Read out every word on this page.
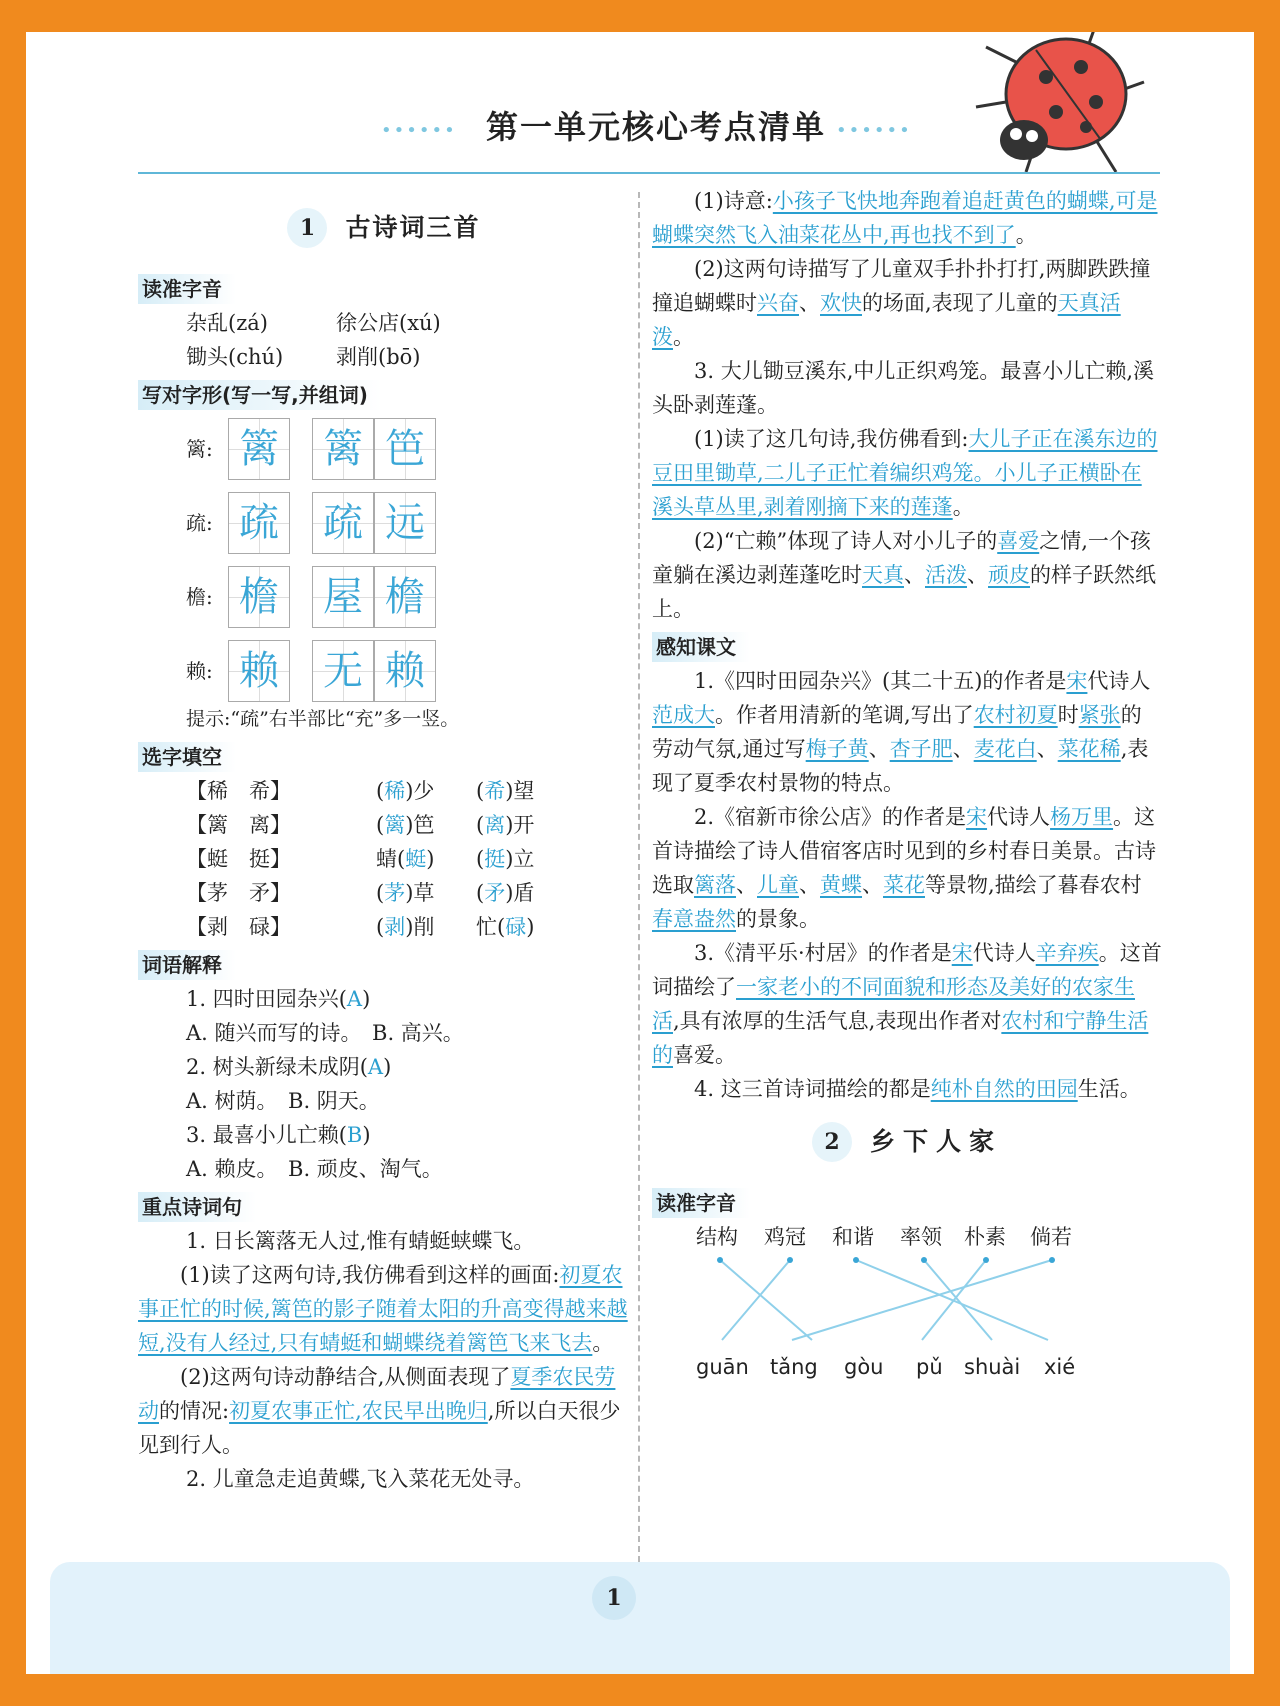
•••••• 第一单元核心考点清单 ••••••
1	古诗词三首
读准字音
杂乱(zá)	徐公店(xú)
锄头(chú)	剥削(bō)
写对字形(写一写,并组词)
篱: 篱 篱 笆
疏: 疏 疏 远
檐: 檐 屋 檐
赖: 赖 无 赖
提示:“疏”右半部比“充”多一竖。
选字填空
【稀　希】	(稀)少	(希)望
【篱　离】	(篱)笆	(离)开
【蜓　挺】	蜻(蜓)	(挺)立
【茅　矛】	(茅)草	(矛)盾
【剥　碌】	(剥)削	忙(碌)
词语解释
1. 四时田园杂兴(A)
A. 随兴而写的诗。　B. 高兴。
2. 树头新绿未成阴(A)
A. 树荫。　B. 阴天。
3. 最喜小儿亡赖(B)
A. 赖皮。　B. 顽皮、淘气。
重点诗词句
1. 日长篱落无人过,惟有蜻蜓蛱蝶飞。
(1)读了这两句诗,我仿佛看到这样的画面:初夏农事正忙的时候,篱笆的影子随着太阳的升高变得越来越短,没有人经过,只有蜻蜓和蝴蝶绕着篱笆飞来飞去。
(2)这两句诗动静结合,从侧面表现了夏季农民劳动的情况:初夏农事正忙,农民早出晚归,所以白天很少见到行人。
2. 儿童急走追黄蝶,飞入菜花无处寻。
(1)诗意:小孩子飞快地奔跑着追赶黄色的蝴蝶,可是蝴蝶突然飞入油菜花丛中,再也找不到了。
(2)这两句诗描写了儿童双手扑扑打打,两脚跌跌撞撞追蝴蝶时兴奋、欢快的场面,表现了儿童的天真活泼。
3. 大儿锄豆溪东,中儿正织鸡笼。最喜小儿亡赖,溪头卧剥莲蓬。
(1)读了这几句诗,我仿佛看到:大儿子正在溪东边的豆田里锄草,二儿子正忙着编织鸡笼。小儿子正横卧在溪头草丛里,剥着刚摘下来的莲蓬。
(2)“亡赖”体现了诗人对小儿子的喜爱之情,一个孩童躺在溪边剥莲蓬吃时天真、活泼、顽皮的样子跃然纸上。
感知课文
1.《四时田园杂兴》(其二十五)的作者是宋代诗人范成大。作者用清新的笔调,写出了农村初夏时紧张的劳动气氛,通过写梅子黄、杏子肥、麦花白、菜花稀,表现了夏季农村景物的特点。
2.《宿新市徐公店》的作者是宋代诗人杨万里。这首诗描绘了诗人借宿客店时见到的乡村春日美景。古诗选取篱落、儿童、黄蝶、菜花等景物,描绘了暮春农村春意盎然的景象。
3.《清平乐·村居》的作者是宋代诗人辛弃疾。这首词描绘了一家老小的不同面貌和形态及美好的农家生活,具有浓厚的生活气息,表现出作者对农村和宁静生活的喜爱。
4. 这三首诗词描绘的都是纯朴自然的田园生活。
2	乡下人家
读准字音
结构 鸡冠 和谐 率领 朴素 倘若
guān tǎng gòu pǔ shuài xié
1
